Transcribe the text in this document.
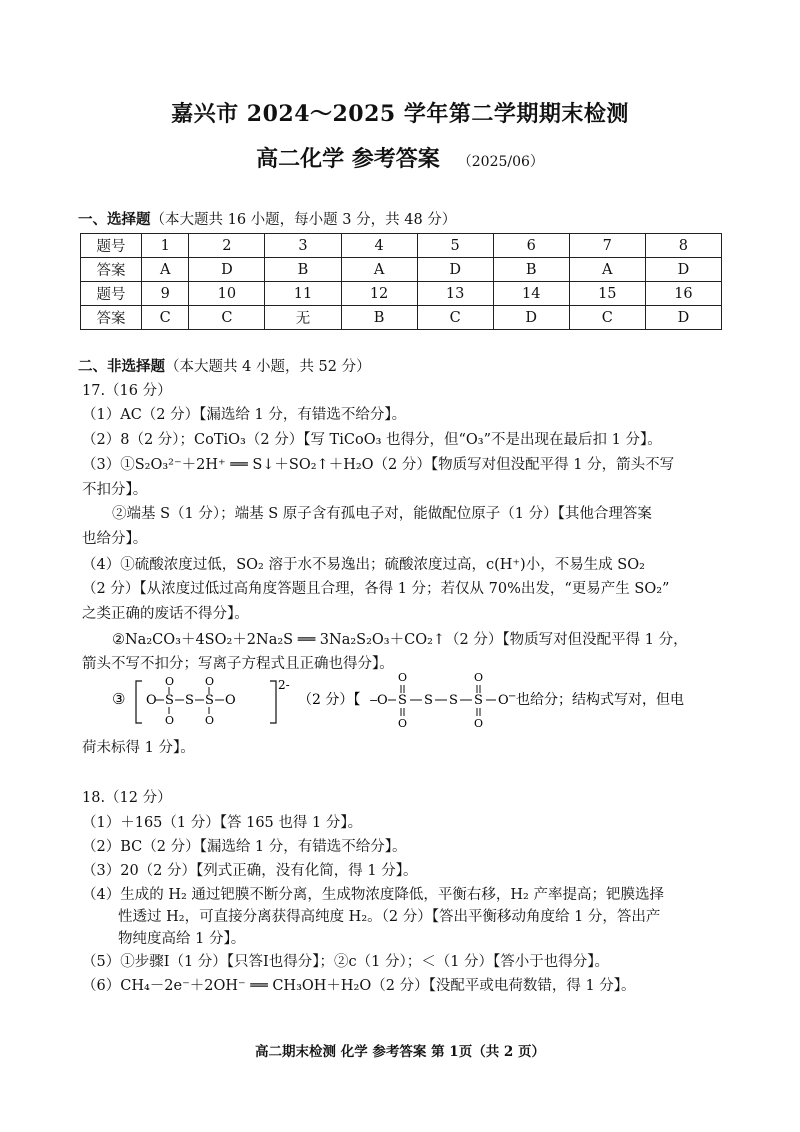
嘉兴市 2024～2025 学年第二学期期末检测
高二化学 参考答案 （2025/06）
一、选择题（本大题共 16 小题，每小题 3 分，共 48 分）
题号	1	2	3	4	5	6	7	8
答案	A	D	B	A	D	B	A	D
题号	9	10	11	12	13	14	15	16
答案	C	C	无	B	C	D	C	D
二、非选择题（本大题共 4 小题，共 52 分）
17.（16 分）
（1）AC（2 分）【漏选给 1 分，有错选不给分】。
（2）8（2 分）；CoTiO₃（2 分）【写 TiCoO₃ 也得分，但“O₃”不是出现在最后扣 1 分】。
（3）①S₂O₃²⁻＋2H⁺ ══ S↓＋SO₂↑＋H₂O（2 分）【物质写对但没配平得 1 分，箭头不写
不扣分】。
②端基 S（1 分）；端基 S 原子含有孤电子对，能做配位原子（1 分）【其他合理答案
也给分】。
（4）①硫酸浓度过低，SO₂ 溶于水不易逸出；硫酸浓度过高，c(H⁺)小，不易生成 SO₂
（2 分）【从浓度过低过高角度答题且合理，各得 1 分；若仅从 70%出发，“更易产生 SO₂”
之类正确的废话不得分】。
②Na₂CO₃＋4SO₂＋2Na₂S ══ 3Na₂S₂O₃＋CO₂↑（2 分）【物质写对但没配平得 1 分，
箭头不写不扣分；写离子方程式且正确也得分】。
③ O S
O
O
S S
O
O
O
2-
（2 分）【 −
O S
O
O
S S S
O
O
O − 也给分；结构式写对，但电
荷未标得 1 分】。
18.（12 分）
（1）＋165（1 分）【答 165 也得 1 分】。
（2）BC（2 分）【漏选给 1 分，有错选不给分】。
（3）20（2 分）【列式正确，没有化简，得 1 分】。
（4）生成的 H₂ 通过钯膜不断分离，生成物浓度降低，平衡右移，H₂ 产率提高；钯膜选择
性透过 H₂，可直接分离获得高纯度 H₂。（2 分）【答出平衡移动角度给 1 分，答出产
物纯度高给 1 分】。
（5）①步骤Ⅰ（1 分）【只答Ⅰ也得分】；②c（1 分）；＜（1 分）【答小于也得分】。
（6）CH₄－2e⁻＋2OH⁻ ══ CH₃OH＋H₂O（2 分）【没配平或电荷数错，得 1 分】。
高二期末检测 化学 参考答案 第 1页（共 2 页）
